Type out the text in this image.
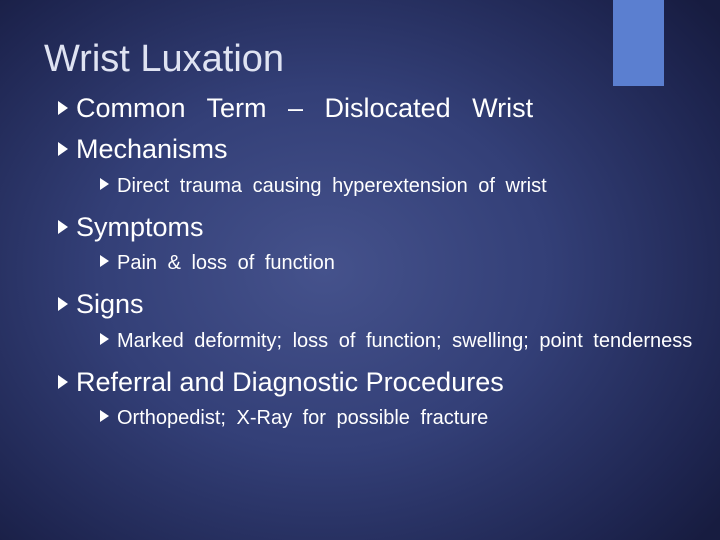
Wrist Luxation
Common Term – Dislocated Wrist
Mechanisms
Direct trauma causing hyperextension of wrist
Symptoms
Pain & loss of function
Signs
Marked deformity; loss of function; swelling; point tenderness
Referral and Diagnostic Procedures
Orthopedist; X-Ray for possible fracture
